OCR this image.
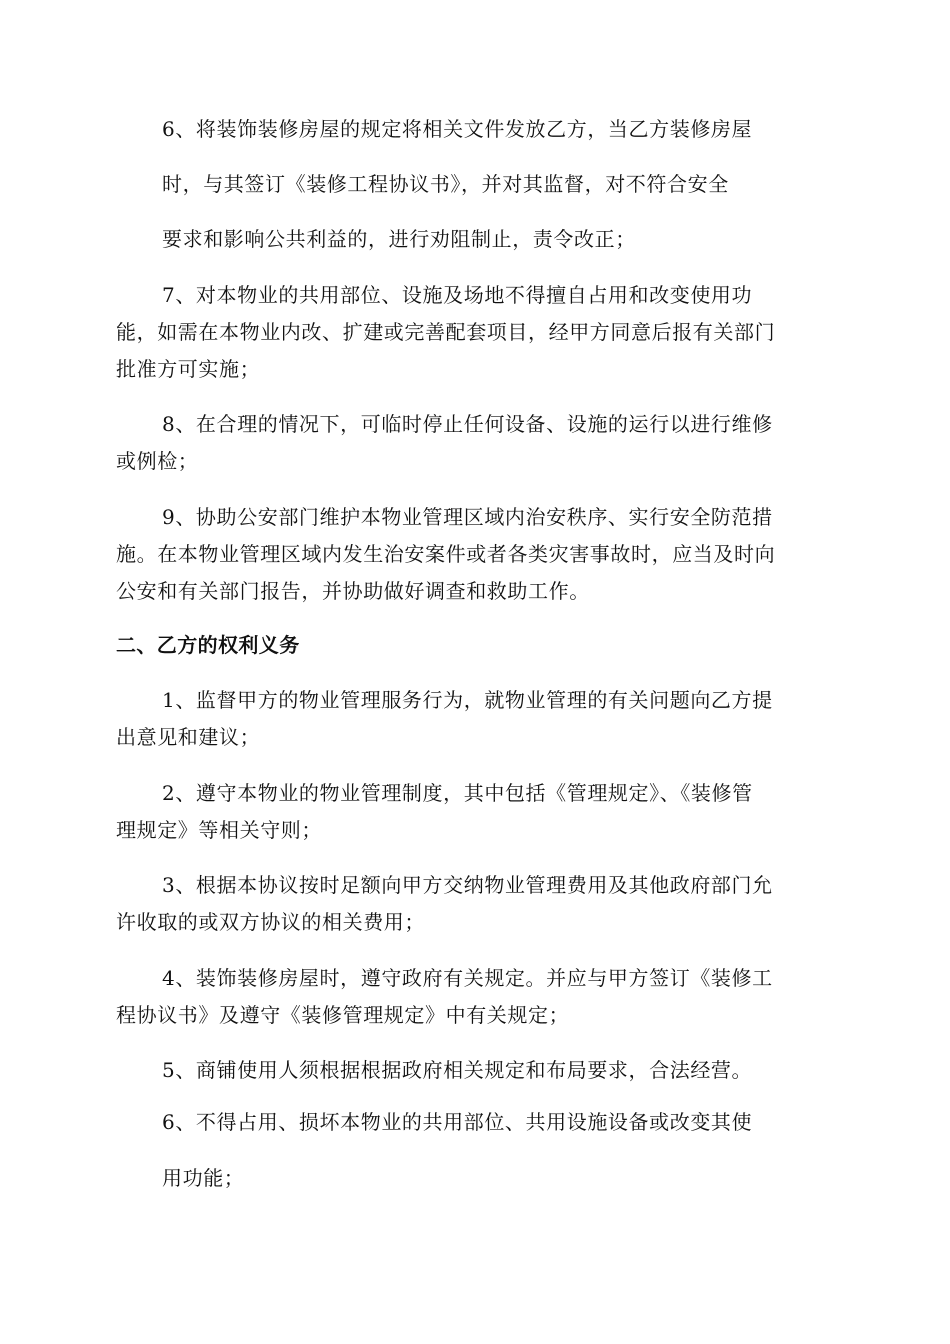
6、将装饰装修房屋的规定将相关文件发放乙方，当乙方装修房屋
时，与其签订《装修工程协议书》，并对其监督，对不符合安全
要求和影响公共利益的，进行劝阻制止，责令改正；
7、对本物业的共用部位、设施及场地不得擅自占用和改变使用功
能，如需在本物业内改、扩建或完善配套项目，经甲方同意后报有关部门
批准方可实施；
8、在合理的情况下，可临时停止任何设备、设施的运行以进行维修
或例检；
9、协助公安部门维护本物业管理区域内治安秩序、实行安全防范措
施。在本物业管理区域内发生治安案件或者各类灾害事故时，应当及时向
公安和有关部门报告，并协助做好调查和救助工作。
二、乙方的权利义务
1、监督甲方的物业管理服务行为，就物业管理的有关问题向乙方提
出意见和建议；
2、遵守本物业的物业管理制度，其中包括《管理规定》、《装修管
理规定》等相关守则；
3、根据本协议按时足额向甲方交纳物业管理费用及其他政府部门允
许收取的或双方协议的相关费用；
4、装饰装修房屋时，遵守政府有关规定。并应与甲方签订《装修工
程协议书》及遵守《装修管理规定》中有关规定；
5、商铺使用人须根据根据政府相关规定和布局要求，合法经营。
6、不得占用、损坏本物业的共用部位、共用设施设备或改变其使
用功能；
